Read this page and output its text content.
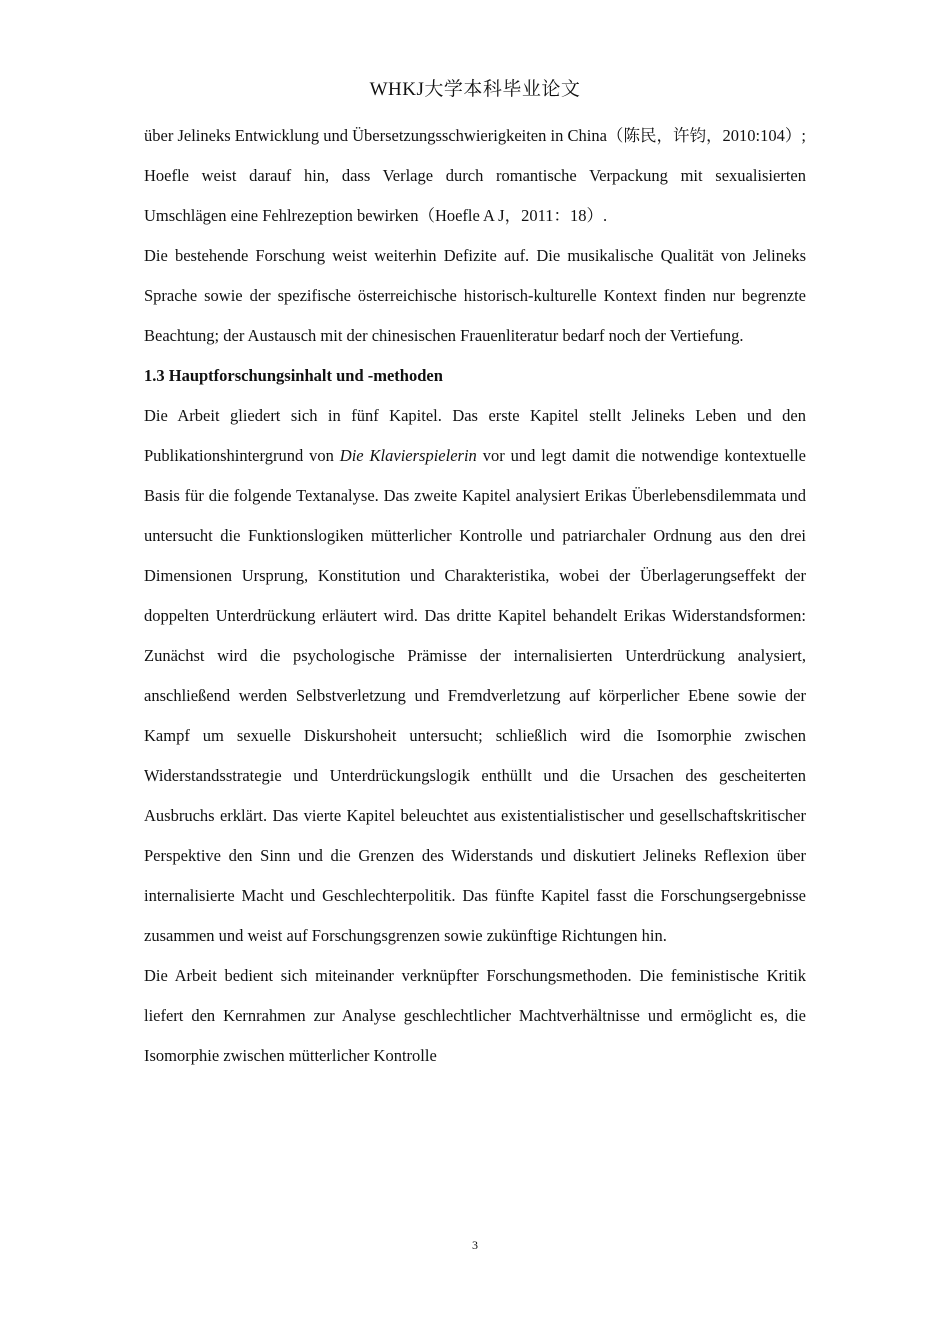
WHKJ大学本科毕业论文

über Jelineks Entwicklung und Übersetzungsschwierigkeiten in China（陈民，许钧，2010:104）; Hoefle weist darauf hin, dass Verlage durch romantische Verpackung mit sexualisierten Umschlägen eine Fehlrezeption bewirken（Hoefle A J，2011：18）.

Die bestehende Forschung weist weiterhin Defizite auf. Die musikalische Qualität von Jelineks Sprache sowie der spezifische österreichische historisch-kulturelle Kontext finden nur begrenzte Beachtung; der Austausch mit der chinesischen Frauenliteratur bedarf noch der Vertiefung.

1.3 Hauptforschungsinhalt und -methoden

Die Arbeit gliedert sich in fünf Kapitel. Das erste Kapitel stellt Jelineks Leben und den Publikationshintergrund von Die Klavierspielerin vor und legt damit die notwendige kontextuelle Basis für die folgende Textanalyse. Das zweite Kapitel analysiert Erikas Überlebensdilemmata und untersucht die Funktionslogiken mütterlicher Kontrolle und patriarchaler Ordnung aus den drei Dimensionen Ursprung, Konstitution und Charakteristika, wobei der Überlagerungseffekt der doppelten Unterdrückung erläutert wird. Das dritte Kapitel behandelt Erikas Widerstandsformen: Zunächst wird die psychologische Prämisse der internalisierten Unterdrückung analysiert, anschließend werden Selbstverletzung und Fremdverletzung auf körperlicher Ebene sowie der Kampf um sexuelle Diskurshoheit untersucht; schließlich wird die Isomorphie zwischen Widerstandsstrategie und Unterdrückungslogik enthüllt und die Ursachen des gescheiterten Ausbruchs erklärt. Das vierte Kapitel beleuchtet aus existentialistischer und gesellschaftskritischer Perspektive den Sinn und die Grenzen des Widerstands und diskutiert Jelineks Reflexion über internalisierte Macht und Geschlechterpolitik. Das fünfte Kapitel fasst die Forschungsergebnisse zusammen und weist auf Forschungsgrenzen sowie zukünftige Richtungen hin.

Die Arbeit bedient sich miteinander verknüpfter Forschungsmethoden. Die feministische Kritik liefert den Kernrahmen zur Analyse geschlechtlicher Machtverhältnisse und ermöglicht es, die Isomorphie zwischen mütterlicher Kontrolle

3
